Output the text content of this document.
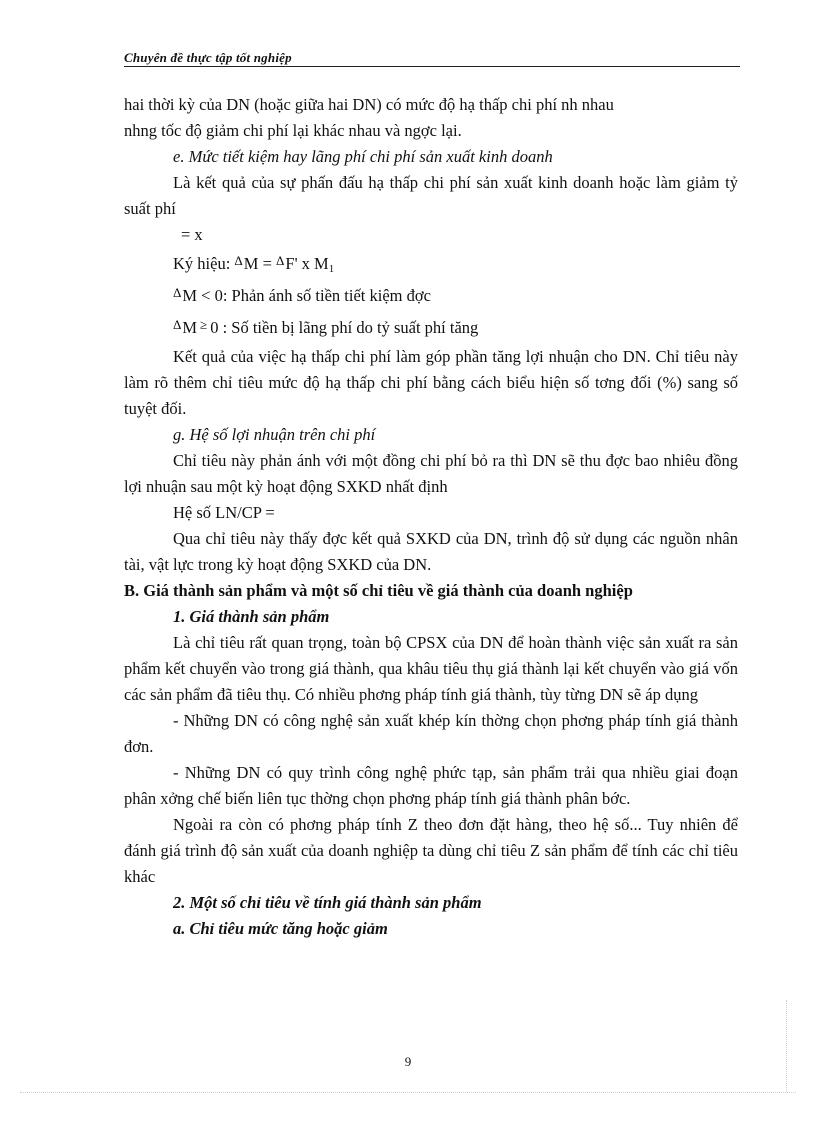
Chuyên đề thực tập tốt nghiệp

hai thời kỳ của DN (hoặc giữa hai DN) có mức độ hạ thấp chi phí nh nhau

nhng tốc độ giảm chi phí lại khác nhau và ngợc lại.

e. Mức tiết kiệm hay lãng phí chi phí sản xuất kinh doanh

Là kết quả của sự phấn đấu hạ thấp chi phí sản xuất kinh doanh hoặc làm giảm tỷ suất phí

= x

Ký hiệu: $^\Delta$M = $^\Delta$F' x M1
$^\Delta$M < 0: Phản ánh số tiền tiết kiệm đợc
$^\Delta$M ≥ 0 : Số tiền bị lãng phí do tỷ suất phí tăng

Kết quả của việc hạ thấp chi phí làm góp phần tăng lợi nhuận cho DN. Chỉ tiêu này làm rõ thêm chỉ tiêu mức độ hạ thấp chi phí bằng cách biểu hiện số tơng đối (%) sang số tuyệt đối.

g. Hệ số lợi nhuận trên chi phí

Chỉ tiêu này phản ánh với một đồng chi phí bỏ ra thì DN sẽ thu đợc bao nhiêu đồng lợi nhuận sau một kỳ hoạt động SXKD nhất định

Hệ số LN/CP =

Qua chỉ tiêu này thấy đợc kết quả SXKD của DN, trình độ sử dụng các nguồn nhân tài, vật lực trong kỳ hoạt động SXKD của DN.

B. Giá thành sản phẩm và một số chỉ tiêu về giá thành của doanh nghiệp

1. Giá thành sản phẩm

Là chỉ tiêu rất quan trọng, toàn bộ CPSX của DN để hoàn thành việc sản xuất ra sản phẩm kết chuyển vào trong giá thành, qua khâu tiêu thụ giá thành lại kết chuyển vào giá vốn các sản phẩm đã tiêu thụ. Có nhiều phơng pháp tính giá thành, tùy từng DN sẽ áp dụng

- Những DN có công nghệ sản xuất khép kín thờng chọn phơng pháp tính giá thành đơn.

- Những DN có quy trình công nghệ phức tạp, sản phẩm trải qua nhiều giai đoạn phân xởng chế biến liên tục thờng chọn phơng pháp tính giá thành phân bớc.

Ngoài ra còn có phơng pháp tính Z theo đơn đặt hàng, theo hệ số... Tuy nhiên để đánh giá trình độ sản xuất của doanh nghiệp ta dùng chỉ tiêu Z sản phẩm để tính các chỉ tiêu khác

2. Một số chỉ tiêu về tính giá thành sản phẩm

a. Chỉ tiêu mức tăng hoặc giảm

9
